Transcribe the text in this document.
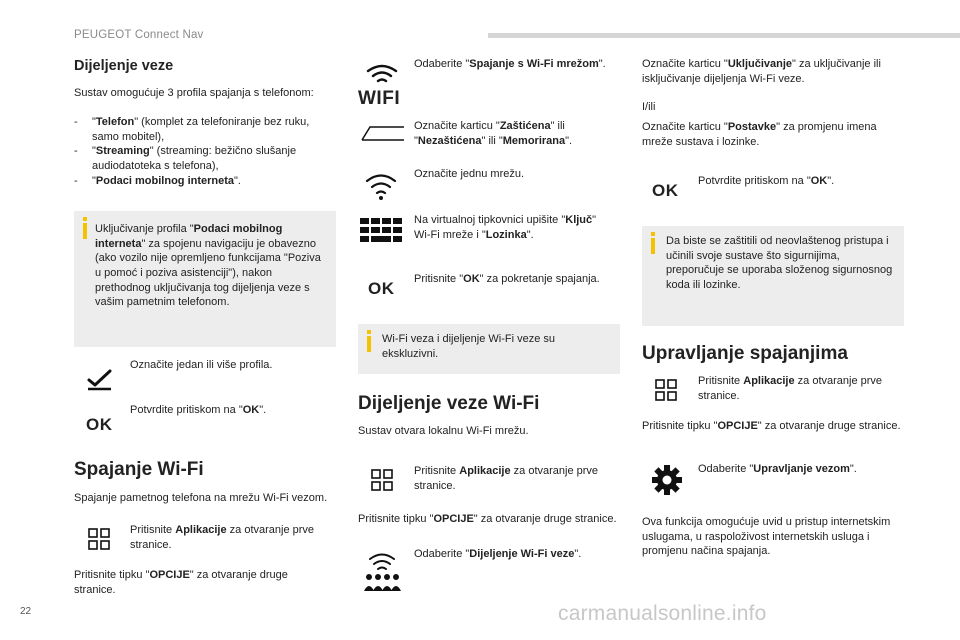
PEUGEOT Connect Nav
Dijeljenje veze

Sustav omogućuje 3 profila spajanja s telefonom:

- "Telefon" (komplet za telefoniranje bez ruku, samo mobitel),
- "Streaming" (streaming: bežično slušanje audiodatoteka s telefona),
- "Podaci mobilnog interneta".

Uključivanje profila "Podaci mobilnog interneta" za spojenu navigaciju je obavezno (ako vozilo nije opremljeno funkcijama "Poziva u pomoć i poziva asistenciji"), nakon prethodnog uključivanja tog dijeljenja veze s vašim pametnim telefonom.

Označite jedan ili više profila.

OK

Potvrdite pritiskom na "OK".

Spajanje Wi-Fi

Spajanje pametnog telefona na mrežu Wi-Fi vezom.

Pritisnite Aplikacije za otvaranje prve stranice.

Pritisnite tipku "OPCIJE" za otvaranje druge stranice.

WIFI

Odaberite "Spajanje s Wi-Fi mrežom".

Označite karticu "Zaštićena" ili "Nezaštićena" ili "Memorirana".

Označite jednu mrežu.

Na virtualnoj tipkovnici upišite "Ključ" Wi-Fi mreže i "Lozinka".

OK Pritisnite "OK" za pokretanje spajanja.

Wi-Fi veza i dijeljenje Wi-Fi veze su ekskluzivni.

Dijeljenje veze Wi-Fi

Sustav otvara lokalnu Wi-Fi mrežu.

Pritisnite Aplikacije za otvaranje prve stranice.

Pritisnite tipku "OPCIJE" za otvaranje druge stranice.

Odaberite "Dijeljenje Wi-Fi veze".

Označite karticu "Uključivanje" za uključivanje ili isključivanje dijeljenja Wi-Fi veze.

I/ili

Označite karticu "Postavke" za promjenu imena mreže sustava i lozinke.

OK Potvrdite pritiskom na "OK".

Da biste se zaštitili od neovlaštenog pristupa i učinili svoje sustave što sigurnijima, preporučuje se uporaba složenog sigurnosnog koda ili lozinke.

Upravljanje spajanjima

Pritisnite Aplikacije za otvaranje prve stranice.

Pritisnite tipku "OPCIJE" za otvaranje druge stranice.

Odaberite "Upravljanje vezom".

Ova funkcija omogućuje uvid u pristup internetskim uslugama, u raspoloživost internetskih usluga i promjenu načina spajanja.

22	carmanualsonline.info
